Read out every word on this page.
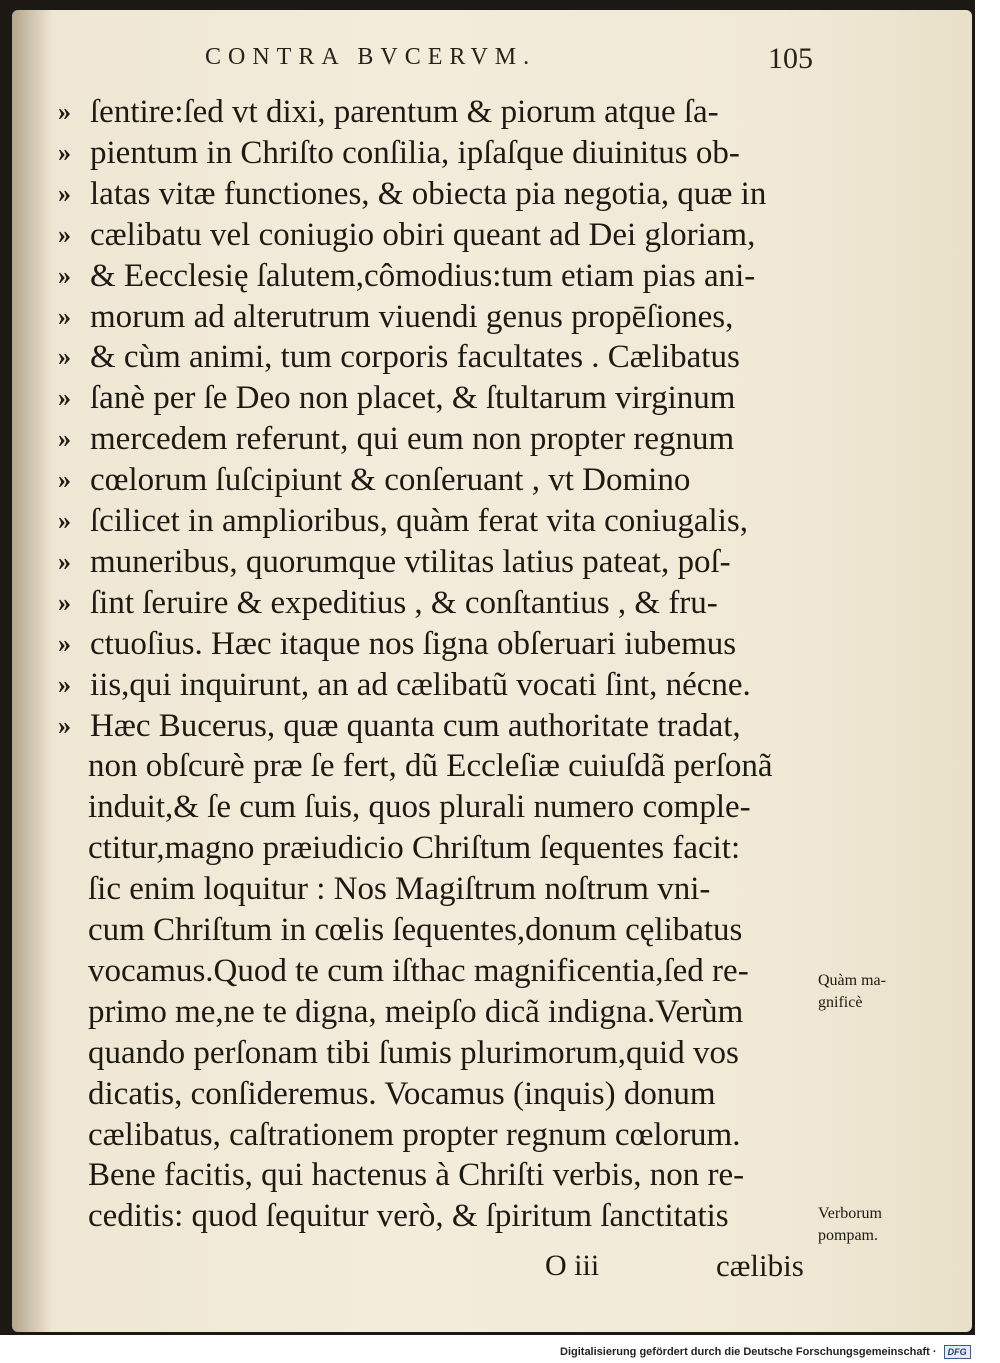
CONTRA BVCERVM.	105
» ſentire:ſed vt dixi, parentum & piorum atque ſa-
» pientum in Chriſto conſilia, ipſaſque diuinitus ob-
» latas vitæ functiones, & obiecta pia negotia, quæ in
» cælibatu vel coniugio obiri queant ad Dei gloriam,
» & Eecclesię ſalutem,cômodius:tum etiam pias ani-
» morum ad alterutrum viuendi genus propēſiones,
» & cùm animi, tum corporis facultates . Cælibatus
» ſanè per ſe Deo non placet, & ſtultarum virginum
» mercedem referunt, qui eum non propter regnum
» cœlorum ſuſcipiunt & conſeruant , vt Domino
» ſcilicet in amplioribus, quàm ferat vita coniugalis,
» muneribus, quorumque vtilitas latius pateat, poſ-
» ſint ſeruire & expeditius , & conſtantius , & fru-
» ctuoſius. Hæc itaque nos ſigna obſeruari iubemus
» iis,qui inquirunt, an ad cælibatũ vocati ſint, nécne.
» Hæc Bucerus, quæ quanta cum authoritate tradat,
non obſcurè præ ſe fert, dũ Eccleſiæ cuiuſdã perſonã
induit,& ſe cum ſuis, quos plurali numero comple-
ctitur,magno præiudicio Chriſtum ſequentes facit:
ſic enim loquitur : Nos Magiſtrum noſtrum vni-
cum Chriſtum in cœlis ſequentes,donum cęlibatus
vocamus.Quod te cum iſthac magnificentia,ſed re-
primo me,ne te digna, meipſo dicã indigna.Verùm
quando perſonam tibi ſumis plurimorum,quid vos
dicatis, conſideremus. Vocamus (inquis) donum
cælibatus, caſtrationem propter regnum cœlorum.
Bene facitis, qui hactenus à Chriſti verbis, non re-
ceditis: quod ſequitur verò, & ſpiritum ſanctitatis
Quàm ma-
gnificè
Verborum
pompam.
O iii	cælibis
Digitalisierung gefördert durch die Deutsche Forschungsgemeinschaft · DFG
